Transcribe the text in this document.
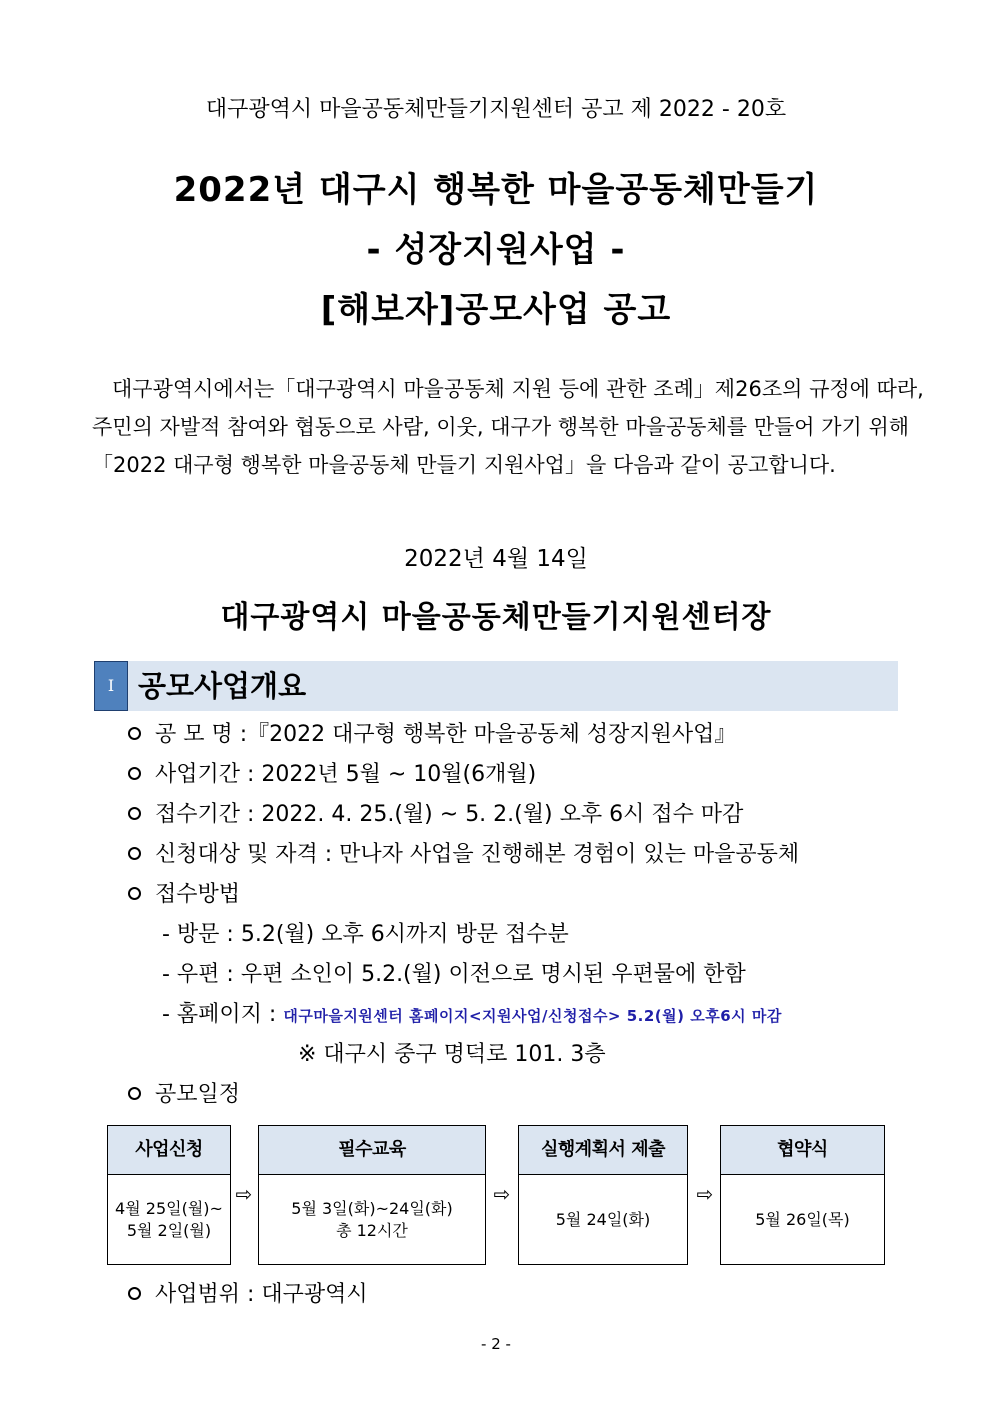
대구광역시 마을공동체만들기지원센터 공고 제 2022 - 20호
2022년 대구시 행복한 마을공동체만들기
- 성장지원사업 -
[해보자]공모사업 공고

대구광역시에서는「대구광역시 마을공동체 지원 등에 관한 조례」제26조의 규정에 따라,

주민의 자발적 참여와 협동으로 사람, 이웃, 대구가 행복한 마을공동체를 만들어 가기 위해

「2022 대구형 행복한 마을공동체 만들기 지원사업」을 다음과 같이 공고합니다.

2022년 4월 14일
대구광역시 마을공동체만들기지원센터장
I 공모사업개요
공 모 명 :『2022 대구형 행복한 마을공동체 성장지원사업』
사업기간 : 2022년 5월 ~ 10월(6개월)
접수기간 : 2022. 4. 25.(월) ~ 5. 2.(월) 오후 6시 접수 마감
신청대상 및 자격 : 만나자 사업을 진행해본 경험이 있는 마을공동체
접수방법
- 방문 : 5.2(월) 오후 6시까지 방문 접수분
- 우편 : 우편 소인이 5.2.(월) 이전으로 명시된 우편물에 한함
- 홈페이지 : 대구마을지원센터 홈페이지<지원사업/신청접수> 5.2(월) 오후6시 마감
※ 대구시 중구 명덕로 101. 3층
공모일정
사업신청
4월 25일(월)~
5월 2일(월)
⇨
필수교육
5월 3일(화)~24일(화)
총 12시간
⇨
실행계획서 제출
5월 24일(화)
⇨
협약식
5월 26일(목)
사업범위 : 대구광역시
- 2 -
